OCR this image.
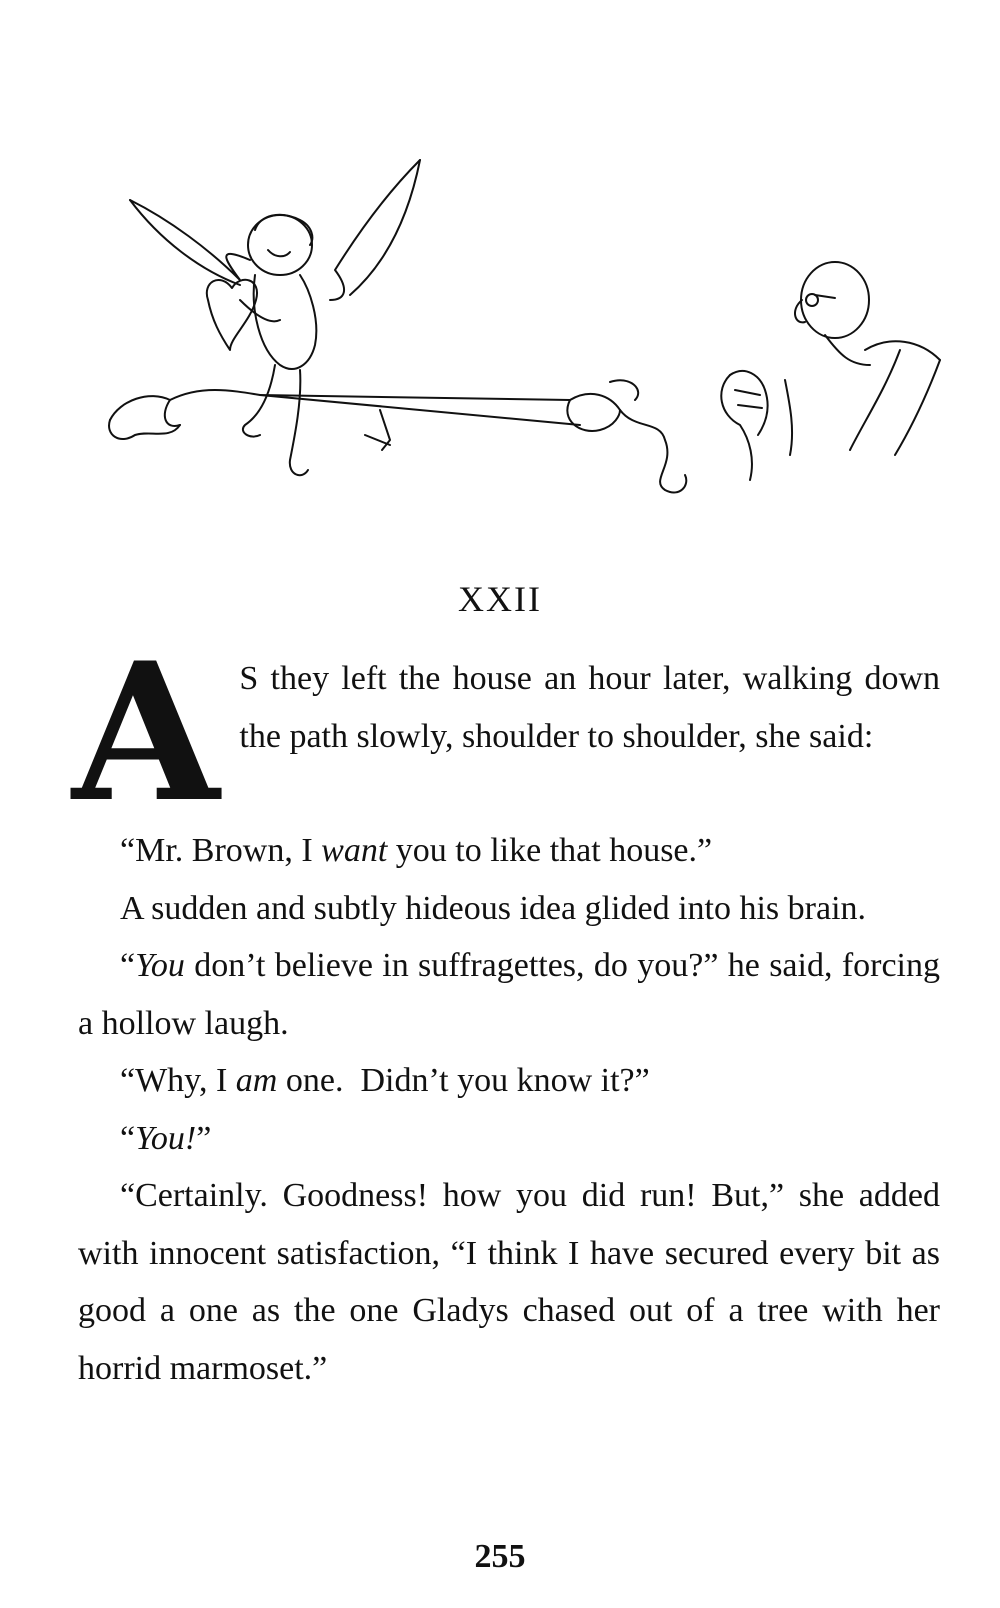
XXII

A S they left the house an hour later, walking down the path slowly, shoulder to shoulder, she said:

“Mr. Brown, I want you to like that house.”

A sudden and subtly hideous idea glided into his brain.

“You don’t believe in suffragettes, do you?” he said, forcing a hollow laugh.

“Why, I am one.  Didn’t you know it?”

“You!”

“Certainly. Goodness! how you did run! But,” she added with innocent satisfaction, “I think I have secured every bit as good a one as the one Gladys chased out of a tree with her horrid marmoset.”

255
